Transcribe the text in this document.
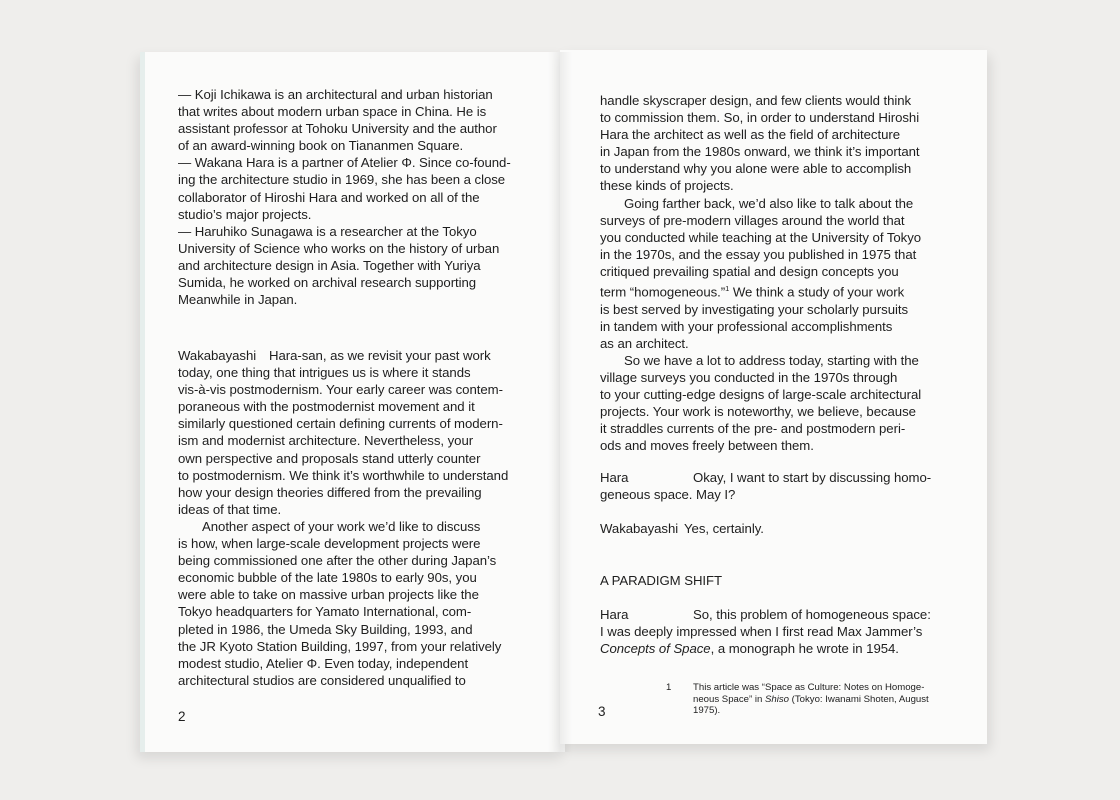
— Koji Ichikawa is an architectural and urban historian
that writes about modern urban space in China. He is
assistant professor at Tohoku University and the author
of an award-winning book on Tiananmen Square.
— Wakana Hara is a partner of Atelier Φ. Since co-found-
ing the architecture studio in 1969, she has been a close
collaborator of Hiroshi Hara and worked on all of the
studio’s major projects.
— Haruhiko Sunagawa is a researcher at the Tokyo
University of Science who works on the history of urban
and architecture design in Asia. Together with Yuriya
Sumida, he worked on archival research supporting
Meanwhile in Japan.
Wakabayashi Hara-san, as we revisit your past work
today, one thing that intrigues us is where it stands
vis-à-vis postmodernism. Your early career was contem-
poraneous with the postmodernist movement and it
similarly questioned certain defining currents of modern-
ism and modernist architecture. Nevertheless, your
own perspective and proposals stand utterly counter
to postmodernism. We think it’s worthwhile to understand
how your design theories differed from the prevailing
ideas of that time.
Another aspect of your work we’d like to discuss
is how, when large-scale development projects were
being commissioned one after the other during Japan’s
economic bubble of the late 1980s to early 90s, you
were able to take on massive urban projects like the
Tokyo headquarters for Yamato International, com-
pleted in 1986, the Umeda Sky Building, 1993, and
the JR Kyoto Station Building, 1997, from your relatively
modest studio, Atelier Φ. Even today, independent
architectural studios are considered unqualified to
2
handle skyscraper design, and few clients would think
to commission them. So, in order to understand Hiroshi
Hara the architect as well as the field of architecture
in Japan from the 1980s onward, we think it’s important
to understand why you alone were able to accomplish
these kinds of projects.
Going farther back, we’d also like to talk about the
surveys of pre-modern villages around the world that
you conducted while teaching at the University of Tokyo
in the 1970s, and the essay you published in 1975 that
critiqued prevailing spatial and design concepts you
term “homogeneous.”$^1$ We think a study of your work
is best served by investigating your scholarly pursuits
in tandem with your professional accomplishments
as an architect.
So we have a lot to address today, starting with the
village surveys you conducted in the 1970s through
to your cutting-edge designs of large-scale architectural
projects. Your work is noteworthy, we believe, because
it straddles currents of the pre- and postmodern peri-
ods and moves freely between them.
Hara	Okay, I want to start by discussing homo-
geneous space. May I?
Wakabayashi Yes, certainly.
A PARADIGM SHIFT
Hara	So, this problem of homogeneous space:
I was deeply impressed when I first read Max Jammer’s
Concepts of Space, a monograph he wrote in 1954.
1 This article was “Space as Culture: Notes on Homoge-
neous Space” in Shiso (Tokyo: Iwanami Shoten, August
1975).
3
